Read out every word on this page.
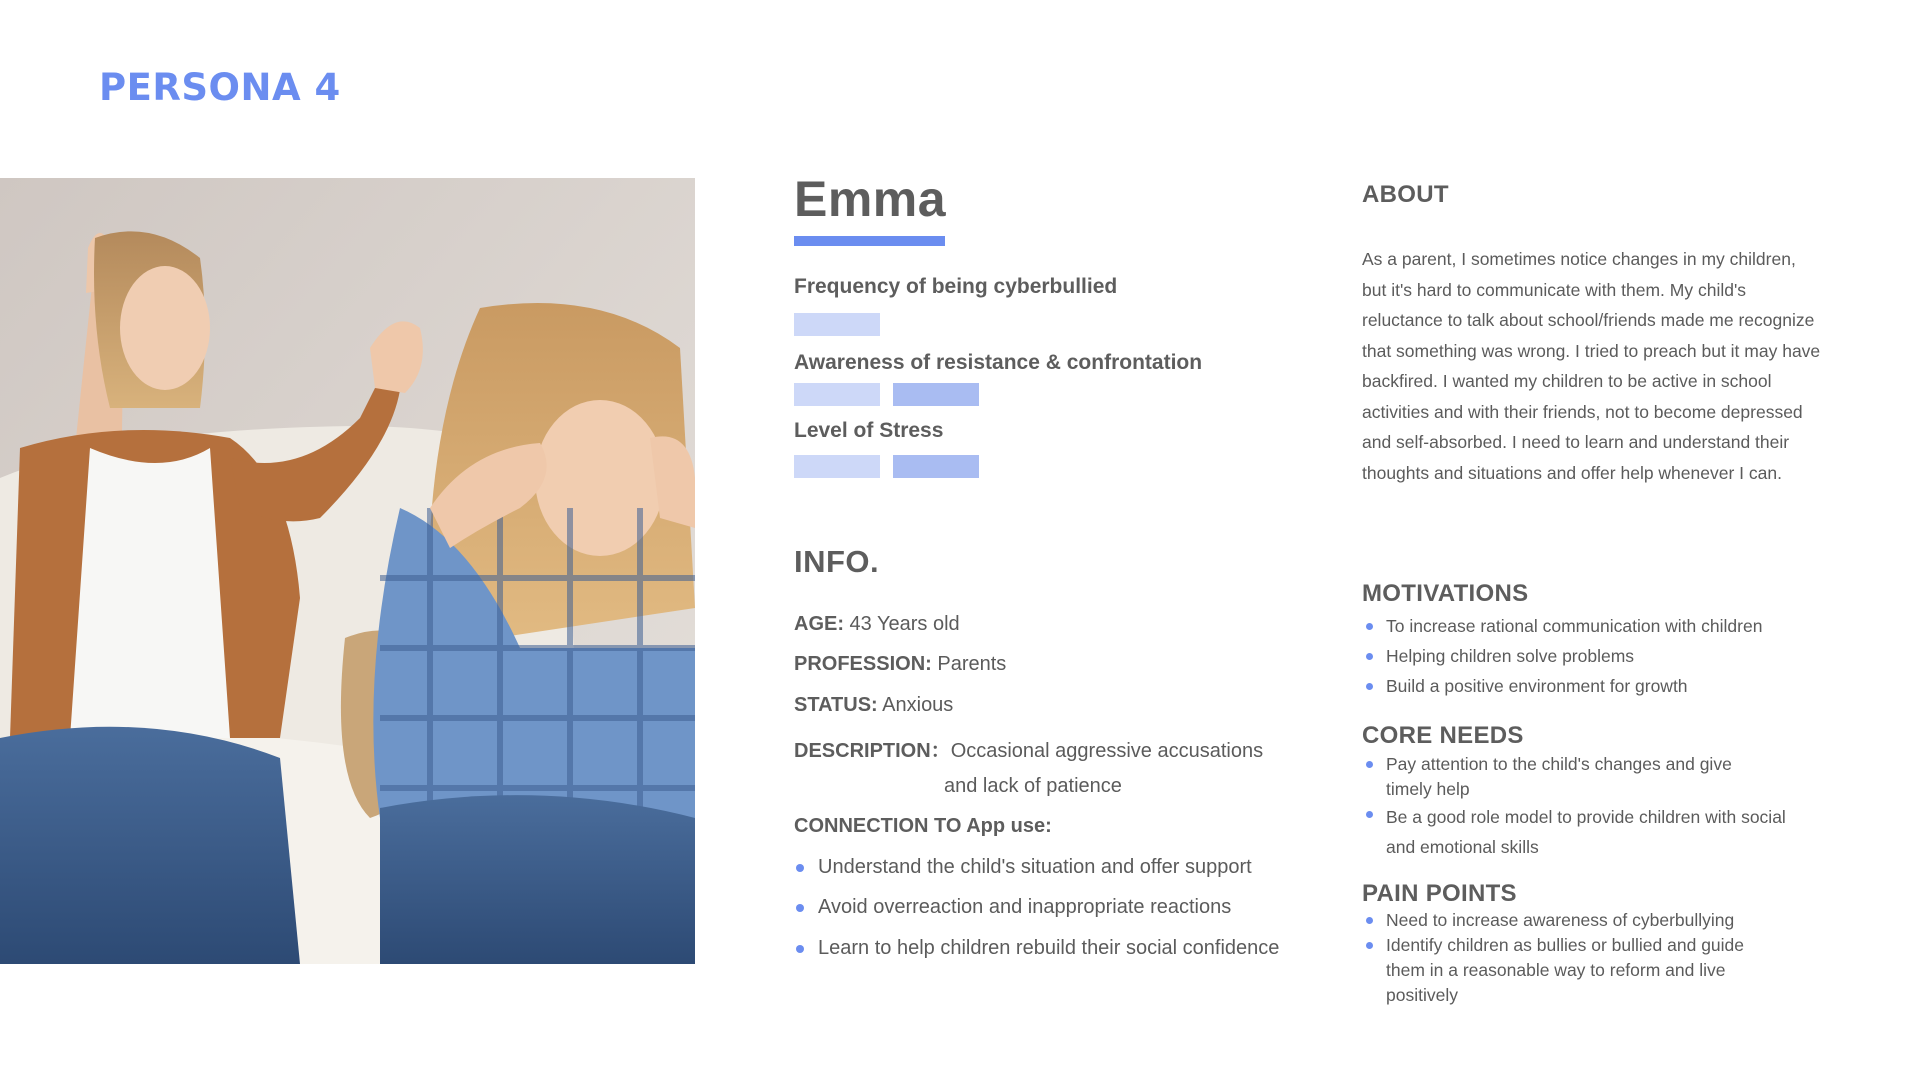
PERSONA 4
Emma
Frequency of being cyberbullied
Awareness of resistance & confrontation
Level of Stress
INFO.
AGE: 43 Years old
PROFESSION: Parents
STATUS: Anxious
DESCRIPTION：Occasional aggressive accusations
and lack of patience
CONNECTION TO App use:
Understand the child's situation and offer support
Avoid overreaction and inappropriate reactions
Learn to help children rebuild their social confidence
ABOUT

As a parent, I sometimes notice changes in my children, but it's hard to communicate with them. My child's reluctance to talk about school/friends made me recognize that something was wrong. I tried to preach but it may have backfired. I wanted my children to be active in school activities and with their friends, not to become depressed and self-absorbed. I need to learn and understand their thoughts and situations and offer help whenever I can.

MOTIVATIONS
To increase rational communication with children
Helping children solve problems
Build a positive environment for growth
CORE NEEDS
Pay attention to the child's changes and give timely help
Be a good role model to provide children with social and emotional skills
PAIN POINTS
Need to increase awareness of cyberbullying
Identify children as bullies or bullied and guide them in a reasonable way to reform and live positively
